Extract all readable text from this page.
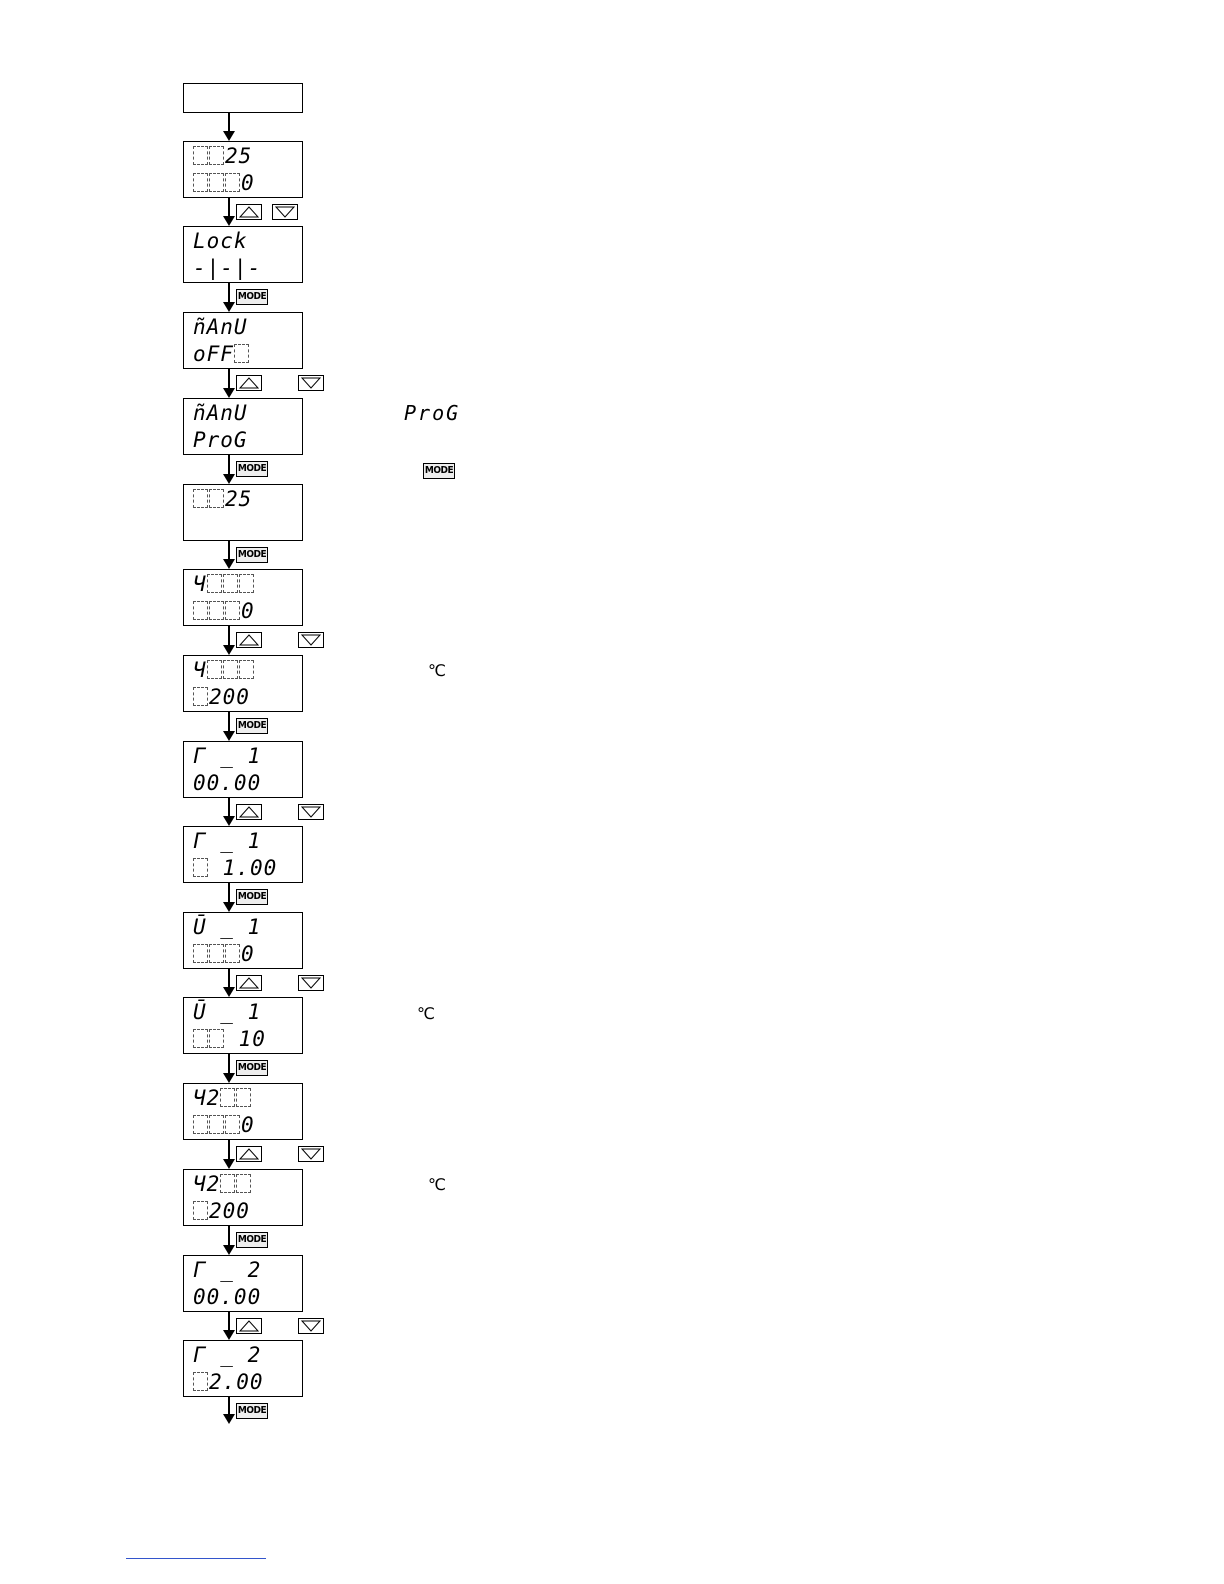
25
0
Lock
-|-|-
ñAnU
oFF
ñAnU
ProG
25
Ч
0
Ч
200
Γ _ 1
00.00
Γ _ 1
1.00
Ū _ 1
0
Ū _ 1
10
Ч2
0
Ч2
200
Γ _ 2
00.00
Γ _ 2
2.00
MODE
MODE
MODE
MODE
MODE
MODE
MODE
MODE
ProG
MODE
℃
℃
℃
